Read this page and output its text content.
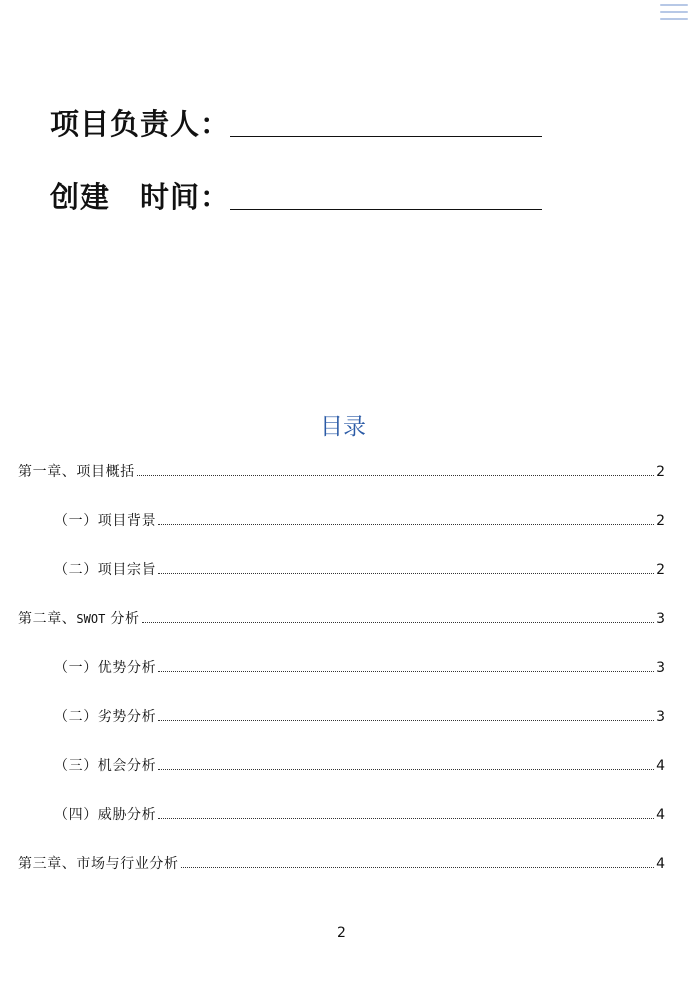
项目负责人：
创建　时间：
目录
第一章、项目概括	2
（一）项目背景	2
（二）项目宗旨	2
第二章、SWOT 分析	3
（一）优势分析	3
（二）劣势分析	3
（三）机会分析	4
（四）威胁分析	4
第三章、市场与行业分析	4
2
